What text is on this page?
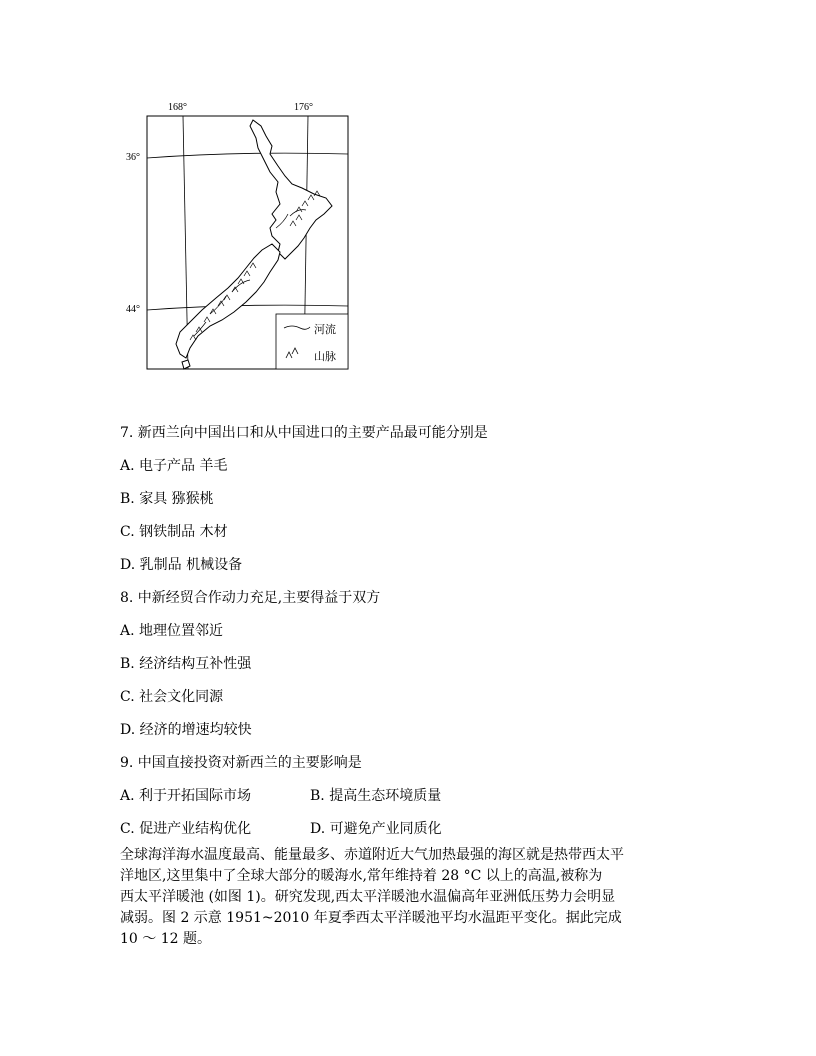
168°	176°
36°
44°
河流
山脉
7. 新西兰向中国出口和从中国进口的主要产品最可能分别是
A. 电子产品 羊毛
B. 家具 猕猴桃
C. 钢铁制品 木材
D. 乳制品 机械设备
8. 中新经贸合作动力充足,主要得益于双方
A. 地理位置邻近
B. 经济结构互补性强
C. 社会文化同源
D. 经济的增速均较快
9. 中国直接投资对新西兰的主要影响是
A. 利于开拓国际市场	B. 提高生态环境质量
C. 促进产业结构优化	D. 可避免产业同质化
全球海洋海水温度最高、能量最多、赤道附近大气加热最强的海区就是热带西太平
洋地区,这里集中了全球大部分的暖海水,常年维持着 28 °C 以上的高温,被称为
西太平洋暖池 (如图 1)。研究发现,西太平洋暖池水温偏高年亚洲低压势力会明显
减弱。图 2 示意 1951~2010 年夏季西太平洋暖池平均水温距平变化。据此完成
10 ～ 12 题。
